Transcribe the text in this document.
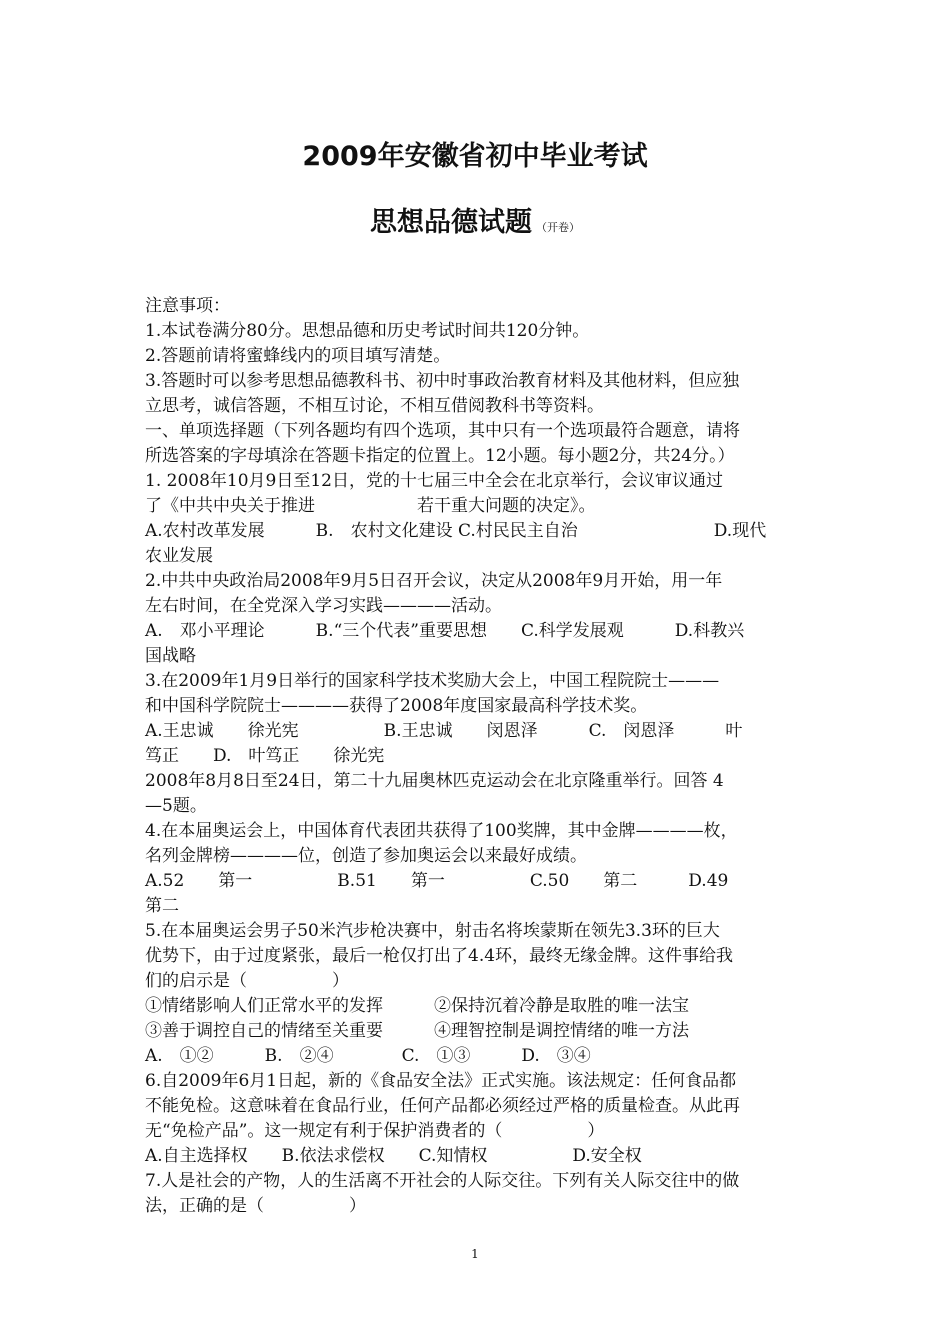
2009年安徽省初中毕业考试
思想品德试题 （开卷）
注意事项：
1.本试卷满分80分。思想品德和历史考试时间共120分钟。
2.答题前请将蜜蜂线内的项目填写清楚。
3.答题时可以参考思想品德教科书、初中时事政治教育材料及其他材料，但应独
立思考，诚信答题，不相互讨论，不相互借阅教科书等资料。
一、单项选择题（下列各题均有四个选项，其中只有一个选项最符合题意，请将
所选答案的字母填涂在答题卡指定的位置上。12小题。每小题2分，共24分。）
1. 2008年10月9日至12日，党的十七届三中全会在北京举行，会议审议通过
了《中共中央关于推进　　　　　　若干重大问题的决定》。
A.农村改革发展　　　B.　农村文化建设 C.村民民主自治　　　　　　　　D.现代
农业发展
2.中共中央政治局2008年9月5日召开会议，决定从2008年9月开始，用一年
左右时间，在全党深入学习实践————活动。
A.　邓小平理论　　　B.“三个代表”重要思想　　C.科学发展观　　　D.科教兴
国战略
3.在2009年1月9日举行的国家科学技术奖励大会上，中国工程院院士———
和中国科学院院士————获得了2008年度国家最高科学技术奖。
A.王忠诚　　徐光宪　　　　　B.王忠诚　　闵恩泽　　　C.　闵恩泽　　　叶
笃正　　D.　叶笃正　　徐光宪
2008年8月8日至24日，第二十九届奥林匹克运动会在北京隆重举行。回答 4
—5题。
4.在本届奥运会上，中国体育代表团共获得了100奖牌，其中金牌————枚，
名列金牌榜————位，创造了参加奥运会以来最好成绩。
A.52　　第一　　　　　B.51　　第一　　　　　C.50　　第二　　　D.49
第二
5.在本届奥运会男子50米汽步枪决赛中，射击名将埃蒙斯在领先3.3环的巨大
优势下，由于过度紧张，最后一枪仅打出了4.4环，最终无缘金牌。这件事给我
们的启示是（　　　　　）
①情绪影响人们正常水平的发挥　　　②保持沉着冷静是取胜的唯一法宝
③善于调控自己的情绪至关重要　　　④理智控制是调控情绪的唯一方法
A.　①②　　　B.　②④　　　　C.　①③　　　D.　③④
6.自2009年6月1日起，新的《食品安全法》正式实施。该法规定：任何食品都
不能免检。这意味着在食品行业，任何产品都必须经过严格的质量检查。从此再
无“免检产品”。这一规定有利于保护消费者的（　　　　　）
A.自主选择权　　B.依法求偿权　　C.知情权　　　　　D.安全权
7.人是社会的产物，人的生活离不开社会的人际交往。下列有关人际交往中的做
法，正确的是（　　　　　）
1
